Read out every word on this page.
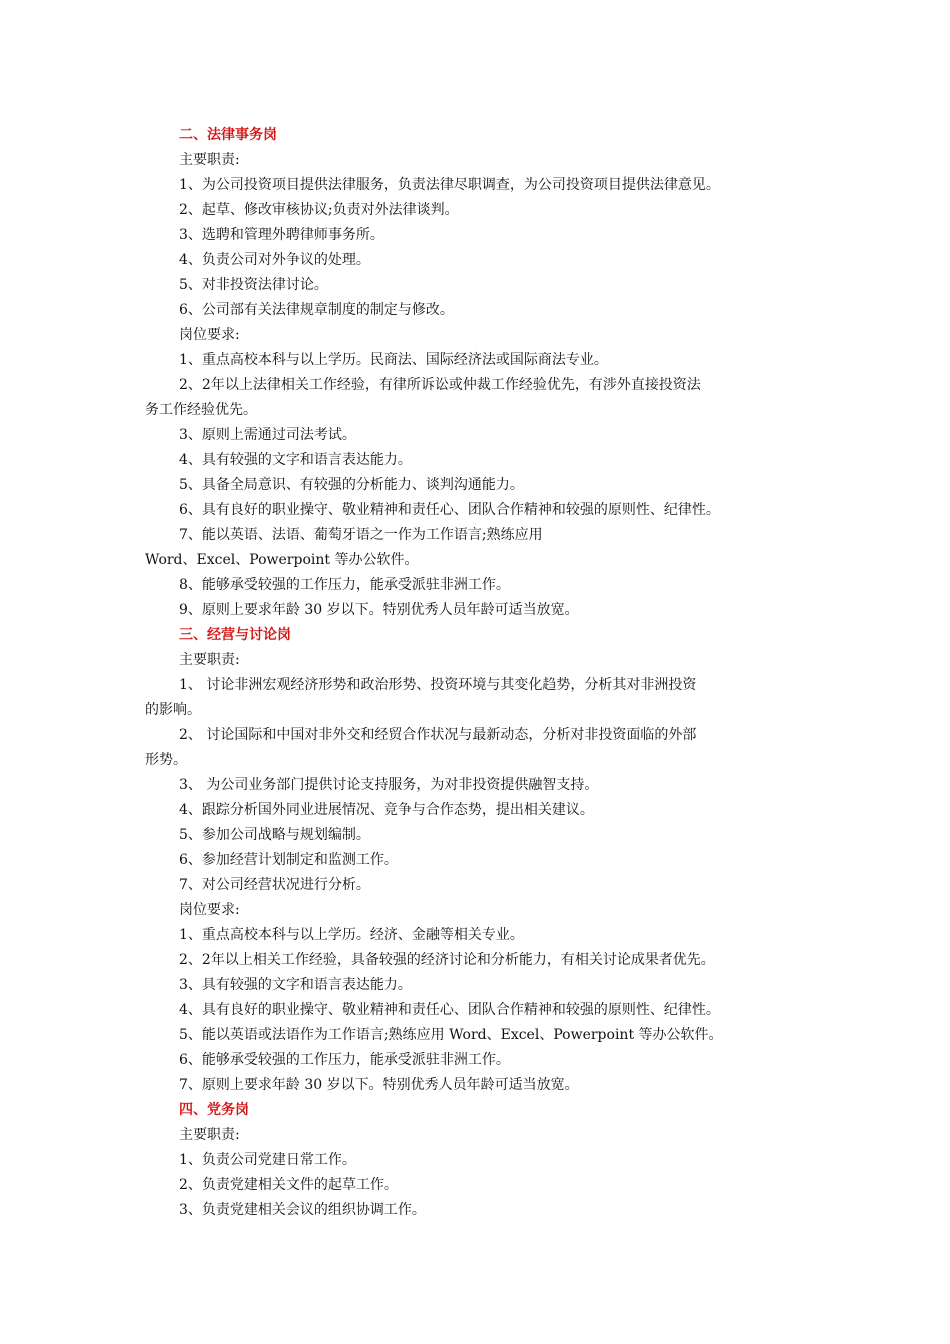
二、法律事务岗
主要职责:
1、为公司投资项目提供法律服务，负责法律尽职调查，为公司投资项目提供法律意见。
2、起草、修改审核协议;负责对外法律谈判。
3、选聘和管理外聘律师事务所。
4、负责公司对外争议的处理。
5、对非投资法律讨论。
6、公司部有关法律规章制度的制定与修改。
岗位要求:
1、重点高校本科与以上学历。民商法、国际经济法或国际商法专业。
2、2年以上法律相关工作经验，有律所诉讼或仲裁工作经验优先，有涉外直接投资法
务工作经验优先。
3、原则上需通过司法考试。
4、具有较强的文字和语言表达能力。
5、具备全局意识、有较强的分析能力、谈判沟通能力。
6、具有良好的职业操守、敬业精神和责任心、团队合作精神和较强的原则性、纪律性。
7、能以英语、法语、葡萄牙语之一作为工作语言;熟练应用
Word、Excel、Powerpoint 等办公软件。
8、能够承受较强的工作压力，能承受派驻非洲工作。
9、原则上要求年龄 30 岁以下。特别优秀人员年龄可适当放宽。
三、经营与讨论岗
主要职责:
1、 讨论非洲宏观经济形势和政治形势、投资环境与其变化趋势，分析其对非洲投资
的影响。
2、 讨论国际和中国对非外交和经贸合作状况与最新动态，分析对非投资面临的外部
形势。
3、 为公司业务部门提供讨论支持服务，为对非投资提供融智支持。
4、跟踪分析国外同业进展情况、竞争与合作态势，提出相关建议。
5、参加公司战略与规划编制。
6、参加经营计划制定和监测工作。
7、对公司经营状况进行分析。
岗位要求:
1、重点高校本科与以上学历。经济、金融等相关专业。
2、2年以上相关工作经验，具备较强的经济讨论和分析能力，有相关讨论成果者优先。
3、具有较强的文字和语言表达能力。
4、具有良好的职业操守、敬业精神和责任心、团队合作精神和较强的原则性、纪律性。
5、能以英语或法语作为工作语言;熟练应用 Word、Excel、Powerpoint 等办公软件。
6、能够承受较强的工作压力，能承受派驻非洲工作。
7、原则上要求年龄 30 岁以下。特别优秀人员年龄可适当放宽。
四、党务岗
主要职责:
1、负责公司党建日常工作。
2、负责党建相关文件的起草工作。
3、负责党建相关会议的组织协调工作。
